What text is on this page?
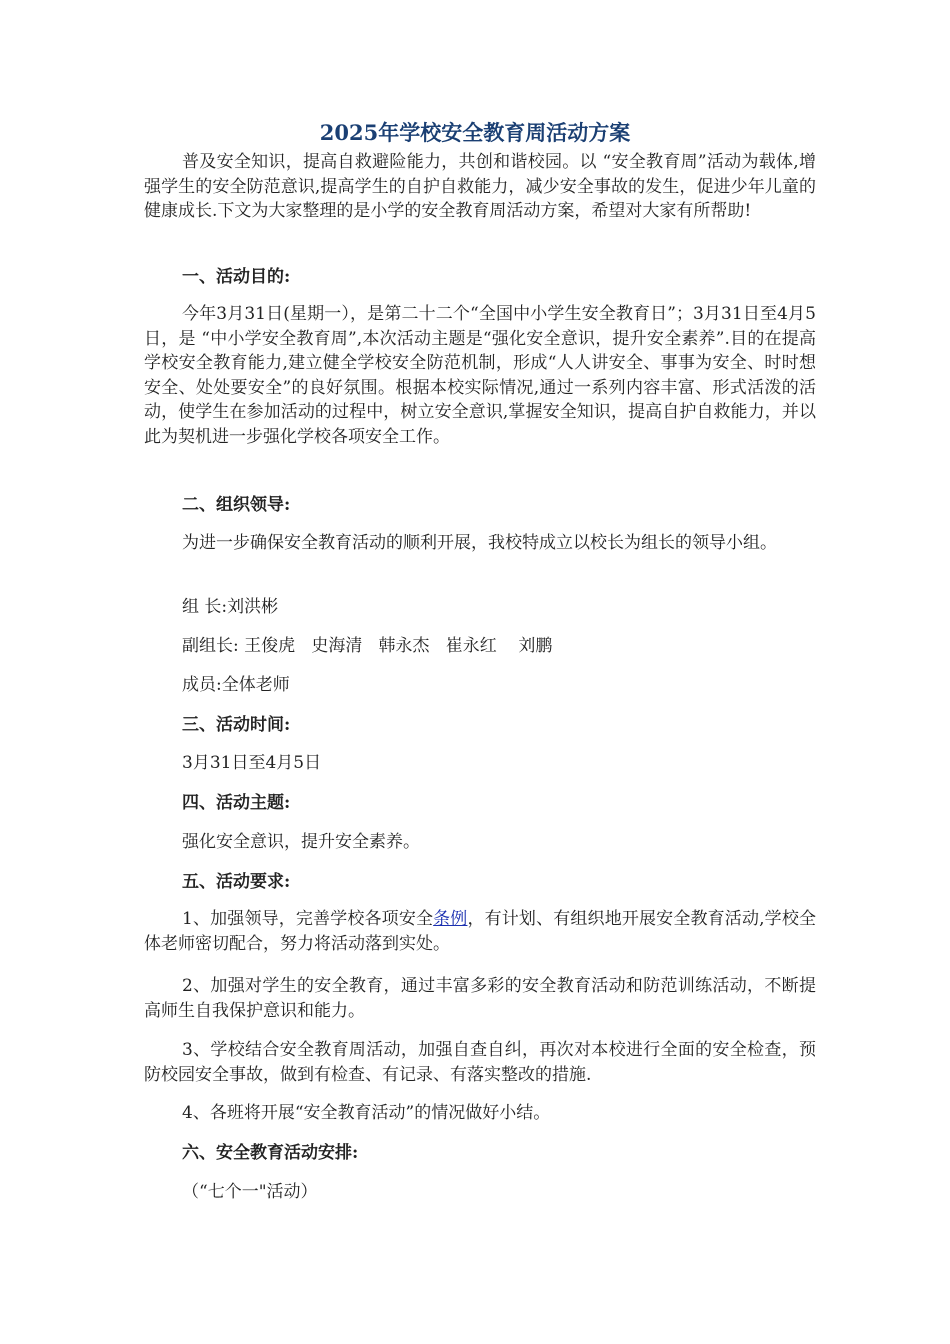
2025年学校安全教育周活动方案
普及安全知识，提高自救避险能力，共创和谐校园。以 “安全教育周”活动为载体,增强学生的安全防范意识,提高学生的自护自救能力，减少安全事故的发生，促进少年儿童的健康成长.下文为大家整理的是小学的安全教育周活动方案，希望对大家有所帮助!
一、活动目的:
今年3月31日(星期一），是第二十二个“全国中小学生安全教育日”；3月31日至4月5日，是 “中小学安全教育周”,本次活动主题是“强化安全意识，提升安全素养”.目的在提高学校安全教育能力,建立健全学校安全防范机制，形成“人人讲安全、事事为安全、时时想安全、处处要安全”的良好氛围。根据本校实际情况,通过一系列内容丰富、形式活泼的活动，使学生在参加活动的过程中，树立安全意识,掌握安全知识，提高自护自救能力，并以此为契机进一步强化学校各项安全工作。
二、组织领导:
为进一步确保安全教育活动的顺利开展，我校特成立以校长为组长的领导小组。
组 长:刘洪彬
副组长: 王俊虎   史海清   韩永杰   崔永红    刘鹏
成员:全体老师
三、活动时间:
3月31日至4月5日
四、活动主题:
强化安全意识，提升安全素养。
五、活动要求:
1、加强领导，完善学校各项安全条例，有计划、有组织地开展安全教育活动,学校全体老师密切配合，努力将活动落到实处。
2、加强对学生的安全教育，通过丰富多彩的安全教育活动和防范训练活动，不断提高师生自我保护意识和能力。
3、学校结合安全教育周活动，加强自查自纠，再次对本校进行全面的安全检查，预防校园安全事故，做到有检查、有记录、有落实整改的措施.
4、各班将开展“安全教育活动”的情况做好小结。
六、安全教育活动安排:
（“七个一"活动）
